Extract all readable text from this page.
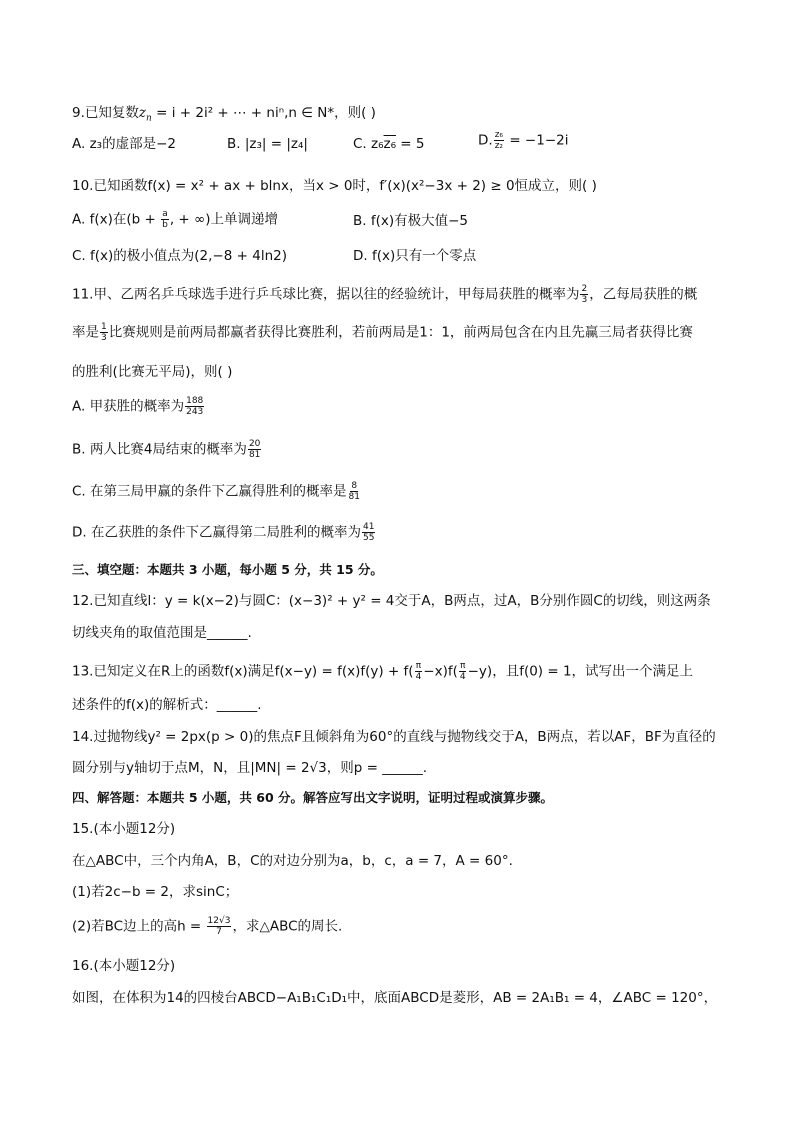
9.已知复数$z_n = i + 2i^2$ + ⋯ + niⁿ,n ∈ N*，则( )
A. z₃的虚部是−2	B. |z₃| = |z₄|	C. z₆z₆ = 5	D. $\frac{\text{z₆}}{\text{z₂}} = -1-2i$
10.已知函数f(x) = x² + ax + blnx，当x > 0时，f′(x)(x²−3x + 2) ≥ 0恒成立，则( )
A. f(x)在($b + \frac{a}{b}$ , + ∞)上单调递增	B. f(x)有极大值−5
C. f(x)的极小值点为(2,−8 + 4ln2)	D. f(x)只有一个零点
11.甲、乙两名乒乓球选手进行乒乓球比赛，据以往的经验统计，甲每局获胜的概率为 $\frac{2}{3}$ ，乙每局获胜的概
率是 $\frac{1}{3}$ 比赛规则是前两局都赢者获得比赛胜利，若前两局是1：1，前两局包含在内且先赢三局者获得比赛
的胜利(比赛无平局)，则( )
A. 甲获胜的概率为 $\frac{188}{243}$
B. 两人比赛4局结束的概率为 $\frac{20}{81}$
C. 在第三局甲赢的条件下乙赢得胜利的概率是 $\frac{8}{81}$
D. 在乙获胜的条件下乙赢得第二局胜利的概率为 $\frac{41}{55}$
三、填空题：本题共 3 小题，每小题 5 分，共 15 分。
12.已知直线l：y = k(x−2)与圆C：(x−3)² + y² = 4交于A，B两点，过A，B分别作圆C的切线，则这两条
切线夹角的取值范围是______.
13.已知定义在R上的函数f(x)满足$f(x-y) = f(x)f(y) + f( \frac{\pi}{4} -x)f( \frac{\pi}{4} -y)$，且f(0) = 1，试写出一个满足上
述条件的f(x)的解析式：______.
14.过抛物线y² = 2px(p > 0)的焦点F且倾斜角为60°的直线与抛物线交于A，B两点，若以AF，BF为直径的
圆分别与y轴切于点M，N，且|MN| = 2√3，则p = ______.
四、解答题：本题共 5 小题，共 60 分。解答应写出文字说明，证明过程或演算步骤。
15.(本小题12分)
在△ABC中，三个内角A，B，C的对边分别为a，b，c，a = 7，A = 60°.
(1)若2c−b = 2，求sinC；
(2)若BC边上的高$h = \frac{12√3}{7}$ ，求△ABC的周长.
16.(本小题12分)
如图，在体积为14的四棱台ABCD−A₁B₁C₁D₁中，底面ABCD是菱形，AB = 2A₁B₁ = 4，∠ABC = 120°，
